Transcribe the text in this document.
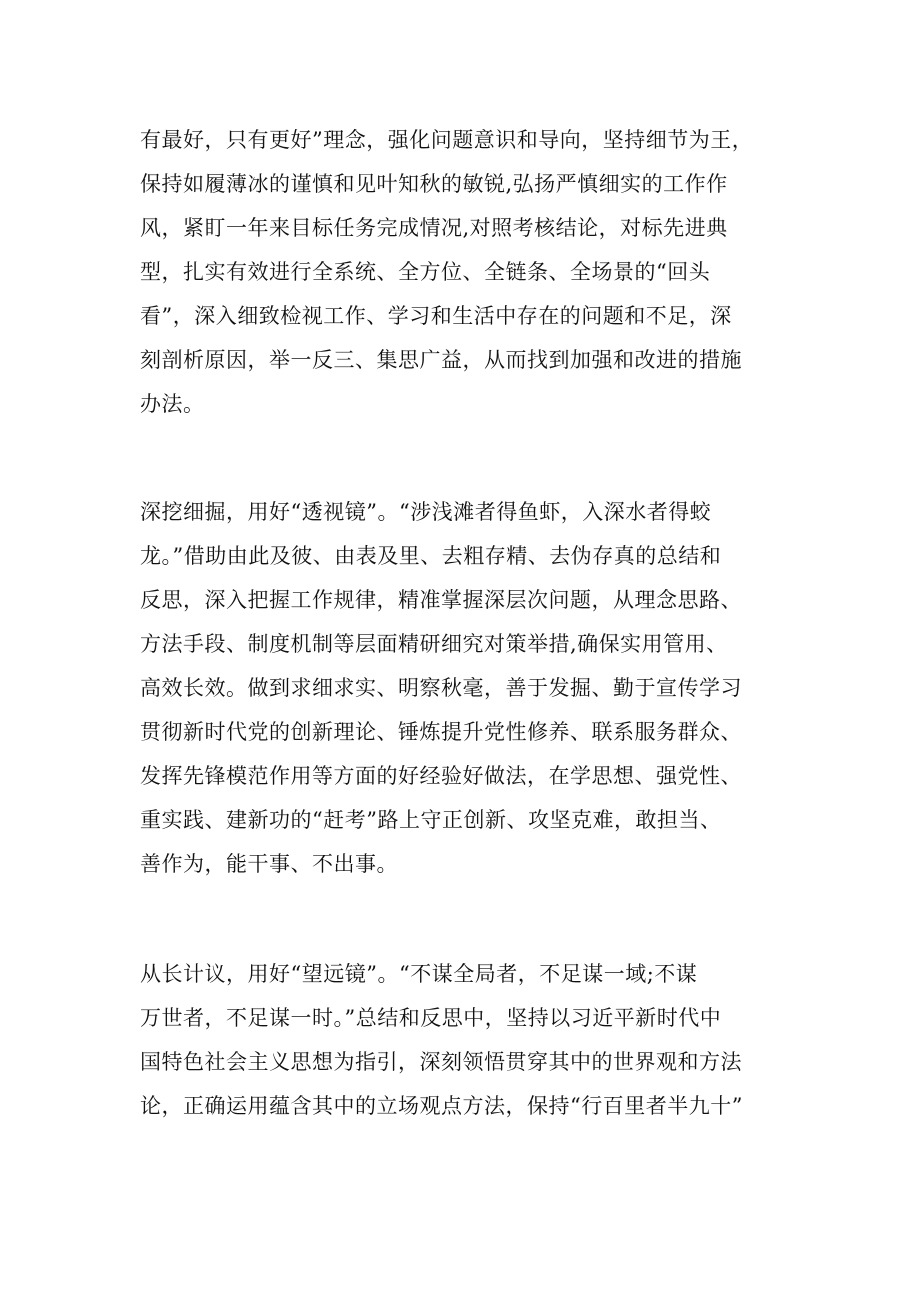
有最好，只有更好”理念，强化问题意识和导向，坚持细节为王，
保持如履薄冰的谨慎和见叶知秋的敏锐,弘扬严慎细实的工作作
风，紧盯一年来目标任务完成情况,对照考核结论，对标先进典
型，扎实有效进行全系统、全方位、全链条、全场景的“回头
看”，深入细致检视工作、学习和生活中存在的问题和不足，深
刻剖析原因，举一反三、集思广益，从而找到加强和改进的措施
办法。
深挖细掘，用好“透视镜”。“涉浅滩者得鱼虾，入深水者得蛟
龙。”借助由此及彼、由表及里、去粗存精、去伪存真的总结和
反思，深入把握工作规律，精准掌握深层次问题，从理念思路、
方法手段、制度机制等层面精研细究对策举措,确保实用管用、
高效长效。做到求细求实、明察秋毫，善于发掘、勤于宣传学习
贯彻新时代党的创新理论、锤炼提升党性修养、联系服务群众、
发挥先锋模范作用等方面的好经验好做法，在学思想、强党性、
重实践、建新功的“赶考”路上守正创新、攻坚克难，敢担当、
善作为，能干事、不出事。
从长计议，用好“望远镜”。“不谋全局者，不足谋一域;不谋
万世者，不足谋一时。”总结和反思中，坚持以习近平新时代中
国特色社会主义思想为指引，深刻领悟贯穿其中的世界观和方法
论，正确运用蕴含其中的立场观点方法，保持“行百里者半九十”
